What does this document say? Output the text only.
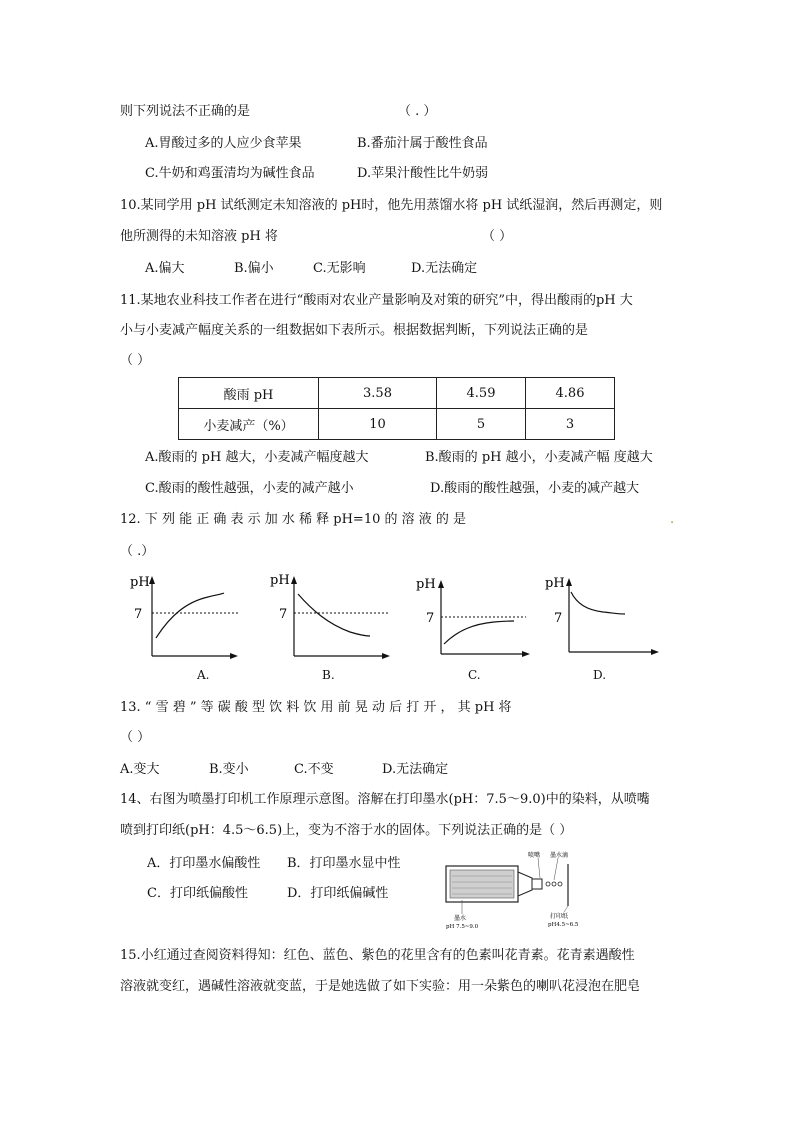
则下列说法不正确的是	（ . ）
A.胃酸过多的人应少食苹果	B.番茄汁属于酸性食品
C.牛奶和鸡蛋清均为碱性食品	D.苹果汁酸性比牛奶弱
10.某同学用 pH 试纸测定未知溶液的 pH时，他先用蒸馏水将 pH 试纸湿润，然后再测定，则
他所测得的未知溶液 pH 将	（ ）
A.偏大	B.偏小	C.无影响	D.无法确定
11.某地农业科技工作者在进行“酸雨对农业产量影响及对策的研究”中，得出酸雨的pH 大
小与小麦减产幅度关系的一组数据如下表所示。根据数据判断，下列说法正确的是
（ ）
酸雨 pH	3.58	4.59	4.86
小麦减产（%）	10	5	3
A.酸雨的 pH 越大，小麦减产幅度越大	B.酸雨的 pH 越小，小麦减产幅 度越大
C.酸雨的酸性越强，小麦的减产越小	D.酸雨的酸性越强，小麦的减产越大
12. 下 列 能 正 确 表 示 加 水 稀 释 pH=10 的 溶 液 的 是	.
（ .）
pH
7
A.
pH
7
B.
pH
7
C.
pH
7
D.
13. “ 雪 碧 ” 等 碳 酸 型 饮 料 饮 用 前 晃 动 后 打 开 ， 其 pH 将
（ ）
A.变大	B.变小	C.不变	D.无法确定
14、右图为喷墨打印机工作原理示意图。溶解在打印墨水(pH：7.5～9.0)中的染料，从喷嘴
喷到打印纸(pH：4.5～6.5)上，变为不溶于水的固体。下列说法正确的是（ ）
A．打印墨水偏酸性 B．打印墨水显中性
C．打印纸偏酸性	D．打印纸偏碱性
喷嘴 墨水滴
墨水
pH 7.5~9.0
打印纸
pH4.5~6.5
15.小红通过查阅资料得知：红色、蓝色、紫色的花里含有的色素叫花青素。花青素遇酸性
溶液就变红，遇碱性溶液就变蓝，于是她选做了如下实验：用一朵紫色的喇叭花浸泡在肥皂
